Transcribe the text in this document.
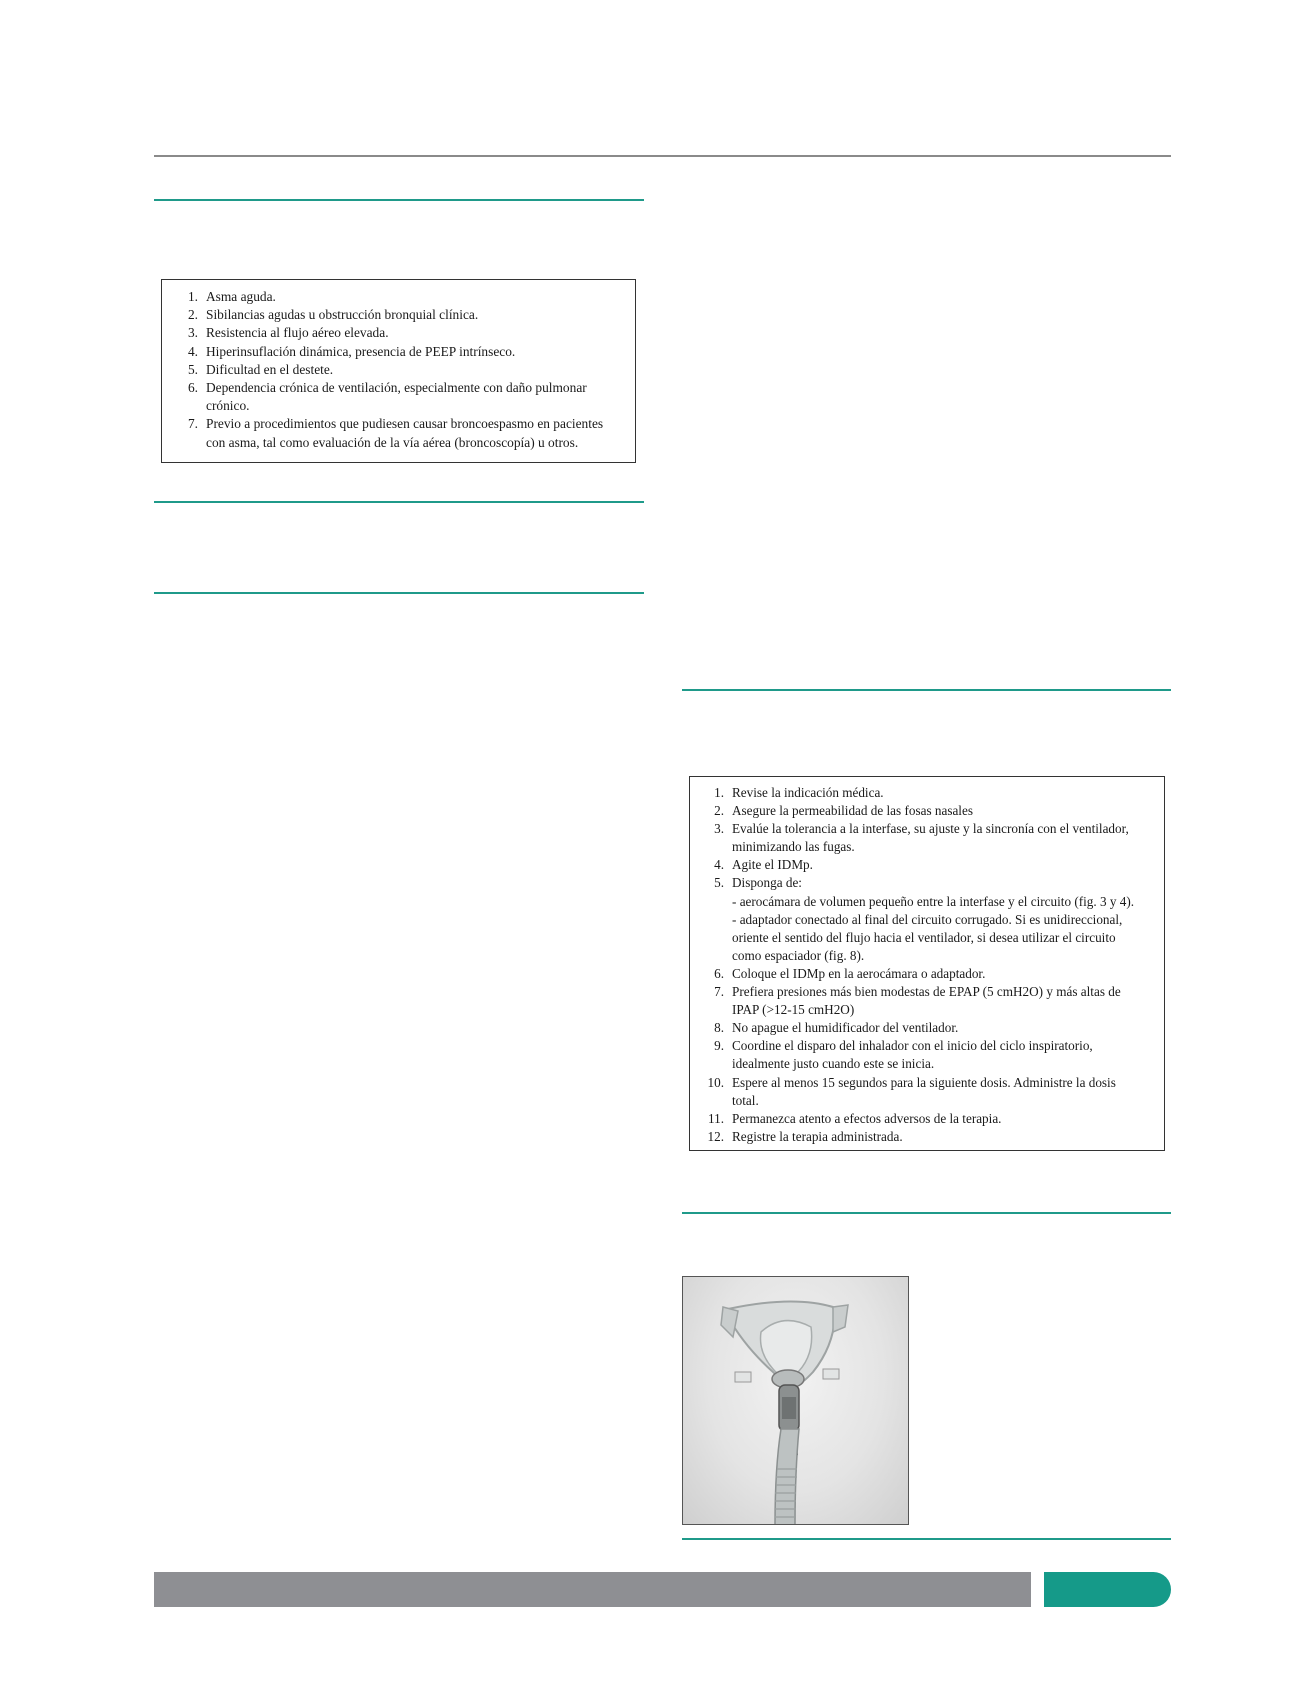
1. Asma aguda.
2. Sibilancias agudas u obstrucción bronquial clínica.
3. Resistencia al flujo aéreo elevada.
4. Hiperinsuflación dinámica, presencia de PEEP intrínseco.
5. Dificultad en el destete.
6. Dependencia crónica de ventilación, especialmente con daño pulmonar
crónico.
7. Previo a procedimientos que pudiesen causar broncoespasmo en pacientes
con asma, tal como evaluación de la vía aérea (broncoscopía) u otros.
1. Revise la indicación médica.
2. Asegure la permeabilidad de las fosas nasales
3. Evalúe la tolerancia a la interfase, su ajuste y la sincronía con el ventilador,
minimizando las fugas.
4. Agite el IDMp.
5. Disponga de:
- aerocámara de volumen pequeño entre la interfase y el circuito (fig. 3 y 4).
- adaptador conectado al final del circuito corrugado. Si es unidireccional,
oriente el sentido del flujo hacia el ventilador, si desea utilizar el circuito
como espaciador (fig. 8).
6. Coloque el IDMp en la aerocámara o adaptador.
7. Prefiera presiones más bien modestas de EPAP (5 cmH2O) y más altas de
IPAP (>12-15 cmH2O)
8. No apague el humidificador del ventilador.
9. Coordine el disparo del inhalador con el inicio del ciclo inspiratorio,
idealmente justo cuando este se inicia.
10. Espere al menos 15 segundos para la siguiente dosis. Administre la dosis
total.
11. Permanezca atento a efectos adversos de la terapia.
12. Registre la terapia administrada.
